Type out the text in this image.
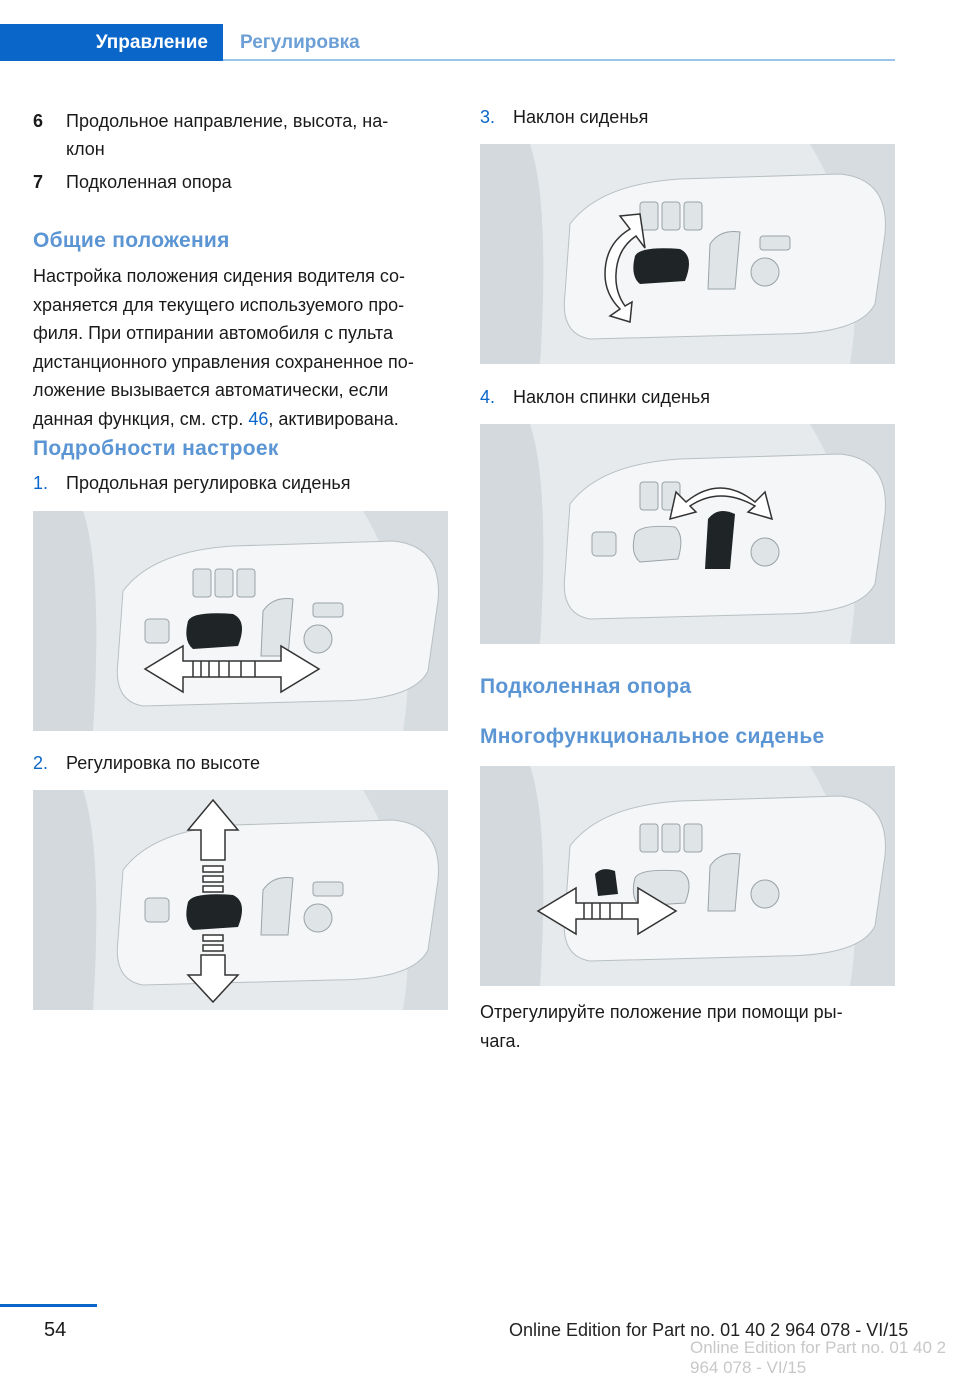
Управление	Регулировка
6 Продольное направление, высота, на‐
клон
7 Подколенная опора
Общие положения
Настройка положения сидения водителя со‐
храняется для текущего используемого про‐
филя. При отпирании автомобиля с пульта
дистанционного управления сохраненное по‐
ложение вызывается автоматически, если
данная функция, см. стр. 46, активирована.
Подробности настроек
1. Продольная регулировка сиденья
2. Регулировка по высоте
3. Наклон сиденья
4. Наклон спинки сиденья
Подколенная опора
Многофункциональное сиденье
Отрегулируйте положение при помощи ры‐
чага.
54	Online Edition for Part no. 01 40 2 964 078 - VI/15
Online Edition for Part no. 01 40 2 964 078 - VI/15
